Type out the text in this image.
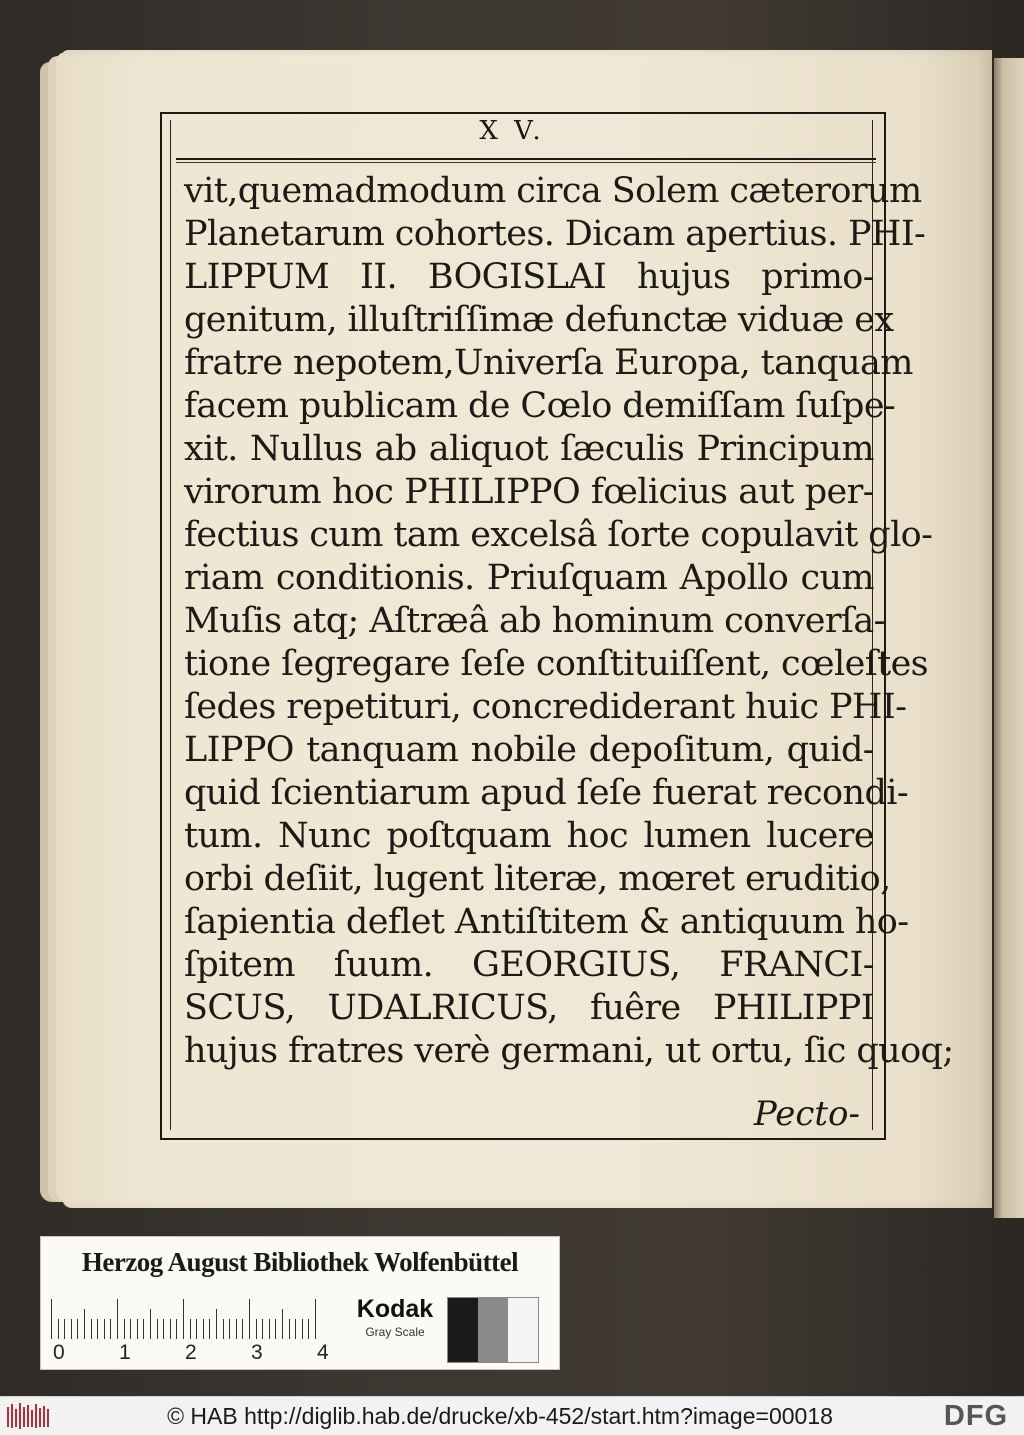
X V.
vit,quemadmodum circa Solem cæterorum
Planetarum cohortes. Dicam apertius. PHI-
LIPPUM II. BOGISLAI hujus primo-
genitum, illuſtriſſimæ defunctæ viduæ ex
fratre nepotem,Univerſa Europa, tanquam
facem publicam de Cœlo demiſſam ſuſpe-
xit. Nullus ab aliquot ſæculis Principum
virorum hoc PHILIPPO fœlicius aut per-
fectius cum tam excelsâ ſorte copulavit glo-
riam conditionis. Priuſquam Apollo cum
Muſis atq; Aſtræâ ab hominum converſa-
tione ſegregare ſeſe conſtituiſſent, cœleſtes
ſedes repetituri, concrediderant huic PHI-
LIPPO tanquam nobile depoſitum, quid-
quid ſcientiarum apud ſeſe fuerat recondi-
tum. Nunc poſtquam hoc lumen lucere
orbi deſiit, lugent literæ, mœret eruditio,
ſapientia deflet Antiſtitem & antiquum ho-
ſpitem ſuum. GEORGIUS, FRANCI-
SCUS, UDALRICUS, fuêre PHILIPPI
hujus fratres verè germani, ut ortu, ſic quoq;
Pecto-
Herzog August Bibliothek Wolfenbüttel
0	1	2	3	4
Kodak
Gray Scale
© HAB http://diglib.hab.de/drucke/xb-452/start.htm?image=00018	DFG
